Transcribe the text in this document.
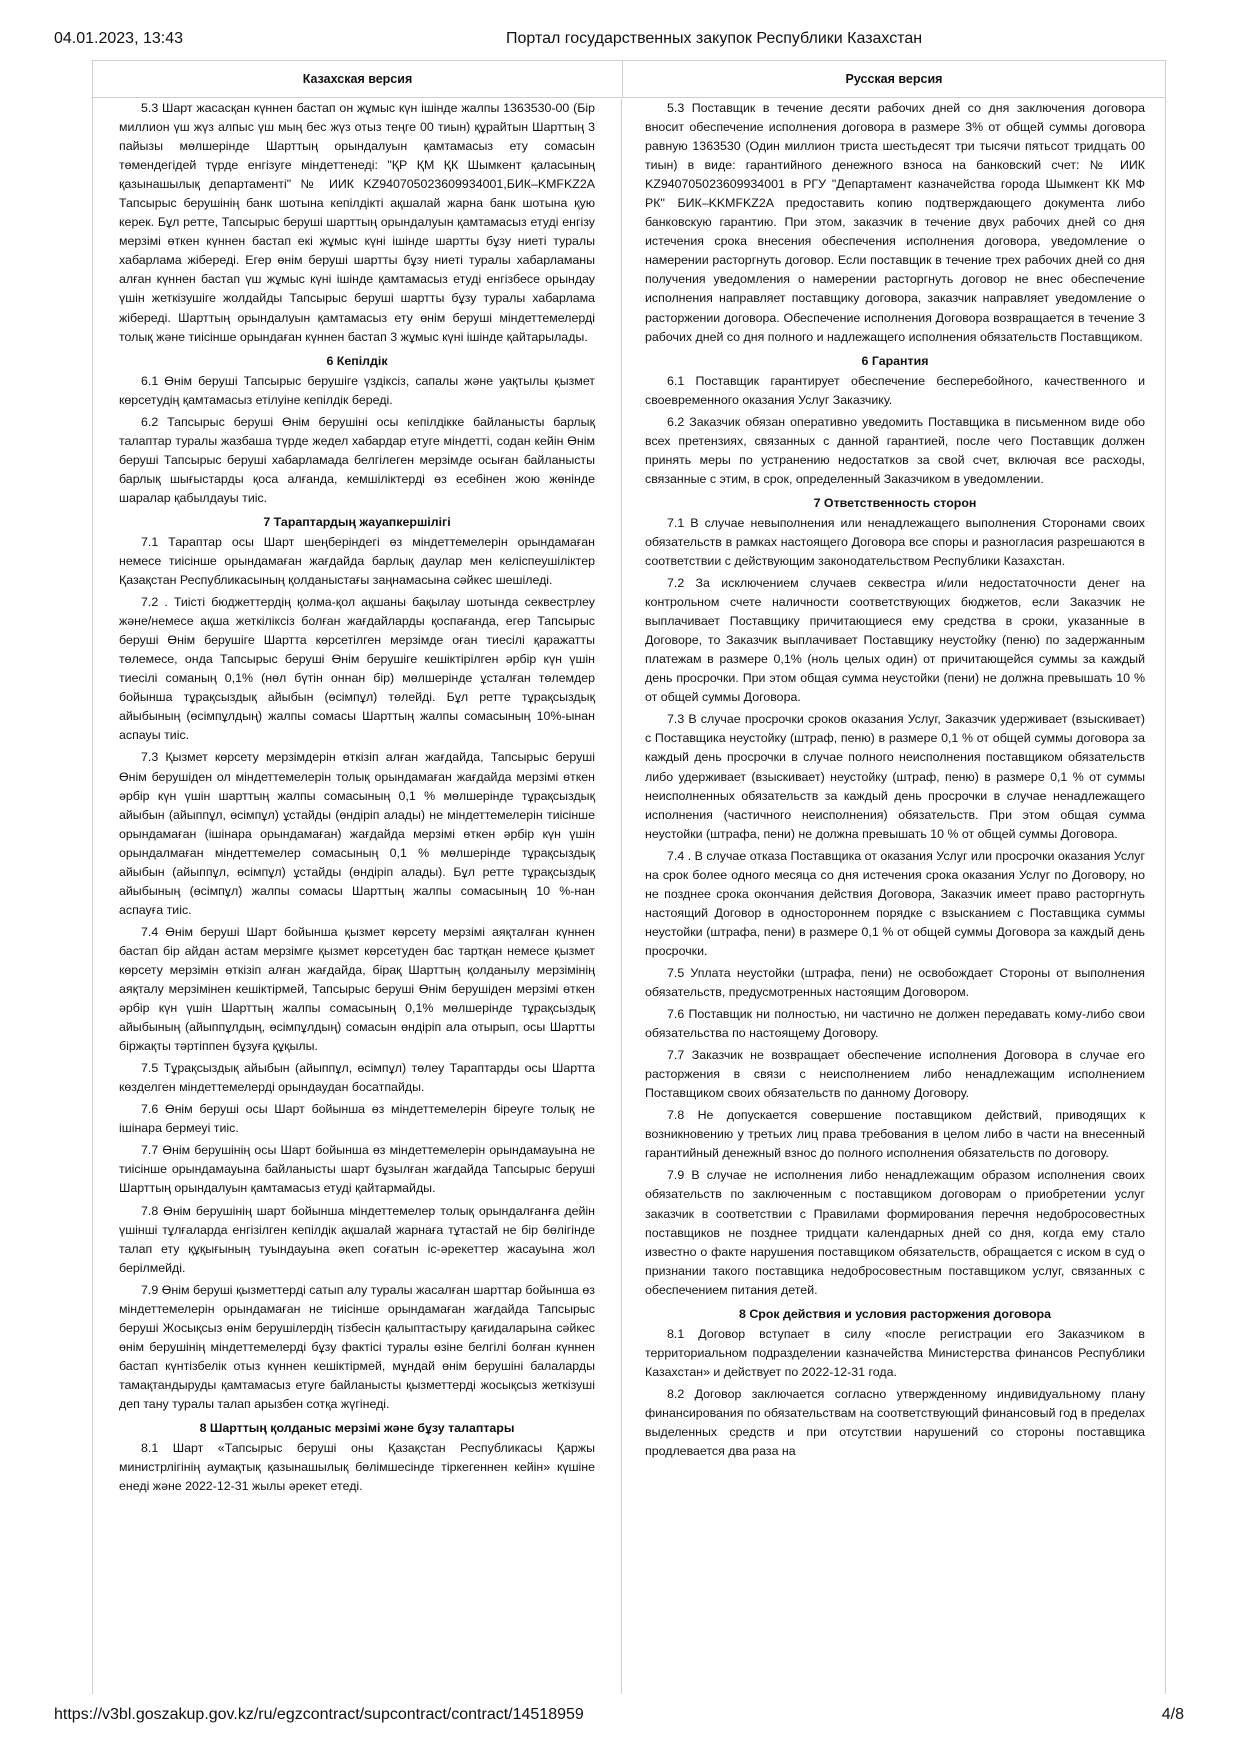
04.01.2023, 13:43	Портал государственных закупок Республики Казахстан
Казахская версия	Русская версия

5.3 Шарт жасасқан күннен бастап он жұмыс күн ішінде жалпы 1363530-00 (Бір миллион үш жүз алпыс үш мың бес жүз отыз теңге 00 тиын) құрайтын Шарттың 3 пайызы мөлшерінде Шарттың орындалуын қамтамасыз ету сомасын төмендегідей түрде енгізуге міндеттенеді: "ҚР ҚМ ҚК Шымкент қаласының қазынашылық департаменті" № ИИК KZ940705023609934001,БИК–KMFKZ2A Тапсырыс берушінің банк шотына кепілдікті ақшалай жарна банк шотына қую керек. Бұл ретте, Тапсырыс беруші шарттың орындалуын қамтамасыз етуді енгізу мерзімі өткен күннен бастап екі жұмыс күні ішінде шартты бұзу ниеті туралы хабарлама жібереді. Егер өнім беруші шартты бұзу ниеті туралы хабарламаны алған күннен бастап үш жұмыс күні ішінде қамтамасыз етуді енгізбесе орындау үшін жеткізушіге жолдайды Тапсырыс беруші шартты бұзу туралы хабарлама жібереді. Шарттың орындалуын қамтамасыз ету өнім беруші міндеттемелерді толық және тиісінше орындаған күннен бастап 3 жұмыс күні ішінде қайтарылады.

6 Кепілдік

6.1 Өнім беруші Тапсырыс берушіге үздіксіз, сапалы және уақтылы қызмет көрсетудің қамтамасыз етілуіне кепілдік береді.

6.2 Тапсырыс беруші Өнім берушіні осы кепілдікке байланысты барлық талаптар туралы жазбаша түрде жедел хабардар етуге міндетті, содан кейін Өнім беруші Тапсырыс беруші хабарламада белгілеген мерзімде осыған байланысты барлық шығыстарды қоса алғанда, кемшіліктерді өз есебінен жою жөнінде шаралар қабылдауы тиіс.

7 Тараптардың жауапкершілігі

7.1 Тараптар осы Шарт шеңберіндегі өз міндеттемелерін орындамаған немесе тиісінше орындамаған жағдайда барлық даулар мен келіспеушіліктер Қазақстан Республикасының қолданыстағы заңнамасына сәйкес шешіледі.

7.2 . Тиісті бюджеттердің қолма-қол ақшаны бақылау шотында секвестрлеу және/немесе ақша жеткіліксіз болған жағдайларды қоспағанда, егер Тапсырыс беруші Өнім берушіге Шартта көрсетілген мерзімде оған тиесілі қаражатты төлемесе, онда Тапсырыс беруші Өнім берушіге кешіктірілген әрбір күн үшін тиесілі соманың 0,1% (нөл бүтін оннан бір) мөлшерінде ұсталған төлемдер бойынша тұрақсыздық айыбын (өсімпұл) төлейді. Бұл ретте тұрақсыздық айыбының (өсімпұлдың) жалпы сомасы Шарттың жалпы сомасының 10%-ынан аспауы тиіс.

7.3 Қызмет көрсету мерзімдерін өткізіп алған жағдайда, Тапсырыс беруші Өнім берушіден ол міндеттемелерін толық орындамаған жағдайда мерзімі өткен әрбір күн үшін шарттың жалпы сомасының 0,1 % мөлшерінде тұрақсыздық айыбын (айыппұл, өсімпұл) ұстайды (өндіріп алады) не міндеттемелерін тиісінше орындамаған (ішінара орындамаған) жағдайда мерзімі өткен әрбір күн үшін орындалмаған міндеттемелер сомасының 0,1 % мөлшерінде тұрақсыздық айыбын (айыппұл, өсімпұл) ұстайды (өндіріп алады). Бұл ретте тұрақсыздық айыбының (өсімпұл) жалпы сомасы Шарттың жалпы сомасының 10 %-нан аспауға тиіс.

7.4 Өнім беруші Шарт бойынша қызмет көрсету мерзімі аяқталған күннен бастап бір айдан астам мерзімге қызмет көрсетуден бас тартқан немесе қызмет көрсету мерзімін өткізіп алған жағдайда, бірақ Шарттың қолданылу мерзімінің аяқталу мерзімінен кешіктірмей, Тапсырыс беруші Өнім берушіден мерзімі өткен әрбір күн үшін Шарттың жалпы сомасының 0,1% мөлшерінде тұрақсыздық айыбының (айыппұлдың, өсімпұлдың) сомасын өндіріп ала отырып, осы Шартты біржақты тәртіппен бұзуға құқылы.

7.5 Тұрақсыздық айыбын (айыппұл, өсімпұл) төлеу Тараптарды осы Шартта көзделген міндеттемелерді орындаудан босатпайды.

7.6 Өнім беруші осы Шарт бойынша өз міндеттемелерін біреуге толық не ішінара бермеуі тиіс.

7.7 Өнім берушінің осы Шарт бойынша өз міндеттемелерін орындамауына не тиісінше орындамауына байланысты шарт бұзылған жағдайда Тапсырыс беруші Шарттың орындалуын қамтамасыз етуді қайтармайды.

7.8 Өнім берушінің шарт бойынша міндеттемелер толық орындалғанға дейін үшінші тұлғаларда енгізілген кепілдік ақшалай жарнаға тұтастай не бір бөлігінде талап ету құқығының туындауына әкеп соғатын іс-әрекеттер жасауына жол берілмейді.

7.9 Өнім беруші қызметтерді сатып алу туралы жасалған шарттар бойынша өз міндеттемелерін орындамаған не тиісінше орындамаған жағдайда Тапсырыс беруші Жосықсыз өнім берушілердің тізбесін қалыптастыру қағидаларына сәйкес өнім берушінің міндеттемелерді бұзу фактісі туралы өзіне белгілі болған күннен бастап күнтізбелік отыз күннен кешіктірмей, мұндай өнім берушіні балаларды тамақтандыруды қамтамасыз етуге байланысты қызметтерді жосықсыз жеткізуші деп тану туралы талап арызбен сотқа жүгінеді.

8 Шарттың қолданыс мерзімі және бұзу талаптары

8.1 Шарт «Тапсырыс беруші оны Қазақстан Республикасы Қаржы министрлігінің аумақтық қазынашылық бөлімшесінде тіркегеннен кейін» күшіне енеді және 2022-12-31 жылы әрекет етеді.

5.3 Поставщик в течение десяти рабочих дней со дня заключения договора вносит обеспечение исполнения договора в размере 3% от общей суммы договора равную 1363530 (Один миллион триста шестьдесят три тысячи пятьсот тридцать 00 тиын) в виде: гарантийного денежного взноса на банковский счет: № ИИК KZ940705023609934001 в РГУ "Департамент казначейства города Шымкент КК МФ РК" БИК–KKMFKZ2A предоставить копию подтверждающего документа либо банковскую гарантию. При этом, заказчик в течение двух рабочих дней со дня истечения срока внесения обеспечения исполнения договора, уведомление о намерении расторгнуть договор. Если поставщик в течение трех рабочих дней со дня получения уведомления о намерении расторгнуть договор не внес обеспечение исполнения направляет поставщику договора, заказчик направляет уведомление о расторжении договора. Обеспечение исполнения Договора возвращается в течение 3 рабочих дней со дня полного и надлежащего исполнения обязательств Поставщиком.

6 Гарантия

6.1 Поставщик гарантирует обеспечение бесперебойного, качественного и своевременного оказания Услуг Заказчику.

6.2 Заказчик обязан оперативно уведомить Поставщика в письменном виде обо всех претензиях, связанных с данной гарантией, после чего Поставщик должен принять меры по устранению недостатков за свой счет, включая все расходы, связанные с этим, в срок, определенный Заказчиком в уведомлении.

7 Ответственность сторон

7.1 В случае невыполнения или ненадлежащего выполнения Сторонами своих обязательств в рамках настоящего Договора все споры и разногласия разрешаются в соответствии с действующим законодательством Республики Казахстан.

7.2 За исключением случаев секвестра и/или недостаточности денег на контрольном счете наличности соответствующих бюджетов, если Заказчик не выплачивает Поставщику причитающиеся ему средства в сроки, указанные в Договоре, то Заказчик выплачивает Поставщику неустойку (пеню) по задержанным платежам в размере 0,1% (ноль целых один) от причитающейся суммы за каждый день просрочки. При этом общая сумма неустойки (пени) не должна превышать 10 % от общей суммы Договора.

7.3 В случае просрочки сроков оказания Услуг, Заказчик удерживает (взыскивает) с Поставщика неустойку (штраф, пеню) в размере 0,1 % от общей суммы договора за каждый день просрочки в случае полного неисполнения поставщиком обязательств либо удерживает (взыскивает) неустойку (штраф, пеню) в размере 0,1 % от суммы неисполненных обязательств за каждый день просрочки в случае ненадлежащего исполнения (частичного неисполнения) обязательств. При этом общая сумма неустойки (штрафа, пени) не должна превышать 10 % от общей суммы Договора.

7.4 . В случае отказа Поставщика от оказания Услуг или просрочки оказания Услуг на срок более одного месяца со дня истечения срока оказания Услуг по Договору, но не позднее срока окончания действия Договора, Заказчик имеет право расторгнуть настоящий Договор в одностороннем порядке с взысканием с Поставщика суммы неустойки (штрафа, пени) в размере 0,1 % от общей суммы Договора за каждый день просрочки.

7.5 Уплата неустойки (штрафа, пени) не освобождает Стороны от выполнения обязательств, предусмотренных настоящим Договором.

7.6 Поставщик ни полностью, ни частично не должен передавать кому-либо свои обязательства по настоящему Договору.

7.7 Заказчик не возвращает обеспечение исполнения Договора в случае его расторжения в связи с неисполнением либо ненадлежащим исполнением Поставщиком своих обязательств по данному Договору.

7.8 Не допускается совершение поставщиком действий, приводящих к возникновению у третьих лиц права требования в целом либо в части на внесенный гарантийный денежный взнос до полного исполнения обязательств по договору.

7.9 В случае не исполнения либо ненадлежащим образом исполнения своих обязательств по заключенным с поставщиком договорам о приобретении услуг заказчик в соответствии с Правилами формирования перечня недобросовестных поставщиков не позднее тридцати календарных дней со дня, когда ему стало известно о факте нарушения поставщиком обязательств, обращается с иском в суд о признании такого поставщика недобросовестным поставщиком услуг, связанных с обеспечением питания детей.

8 Срок действия и условия расторжения договора

8.1 Договор вступает в силу «после регистрации его Заказчиком в территориальном подразделении казначейства Министерства финансов Республики Казахстан» и действует по 2022-12-31 года.

8.2 Договор заключается согласно утвержденному индивидуальному плану финансирования по обязательствам на соответствующий финансовый год в пределах выделенных средств и при отсутствии нарушений со стороны поставщика продлевается два раза на

https://v3bl.goszakup.gov.kz/ru/egzcontract/supcontract/contract/14518959	4/8
